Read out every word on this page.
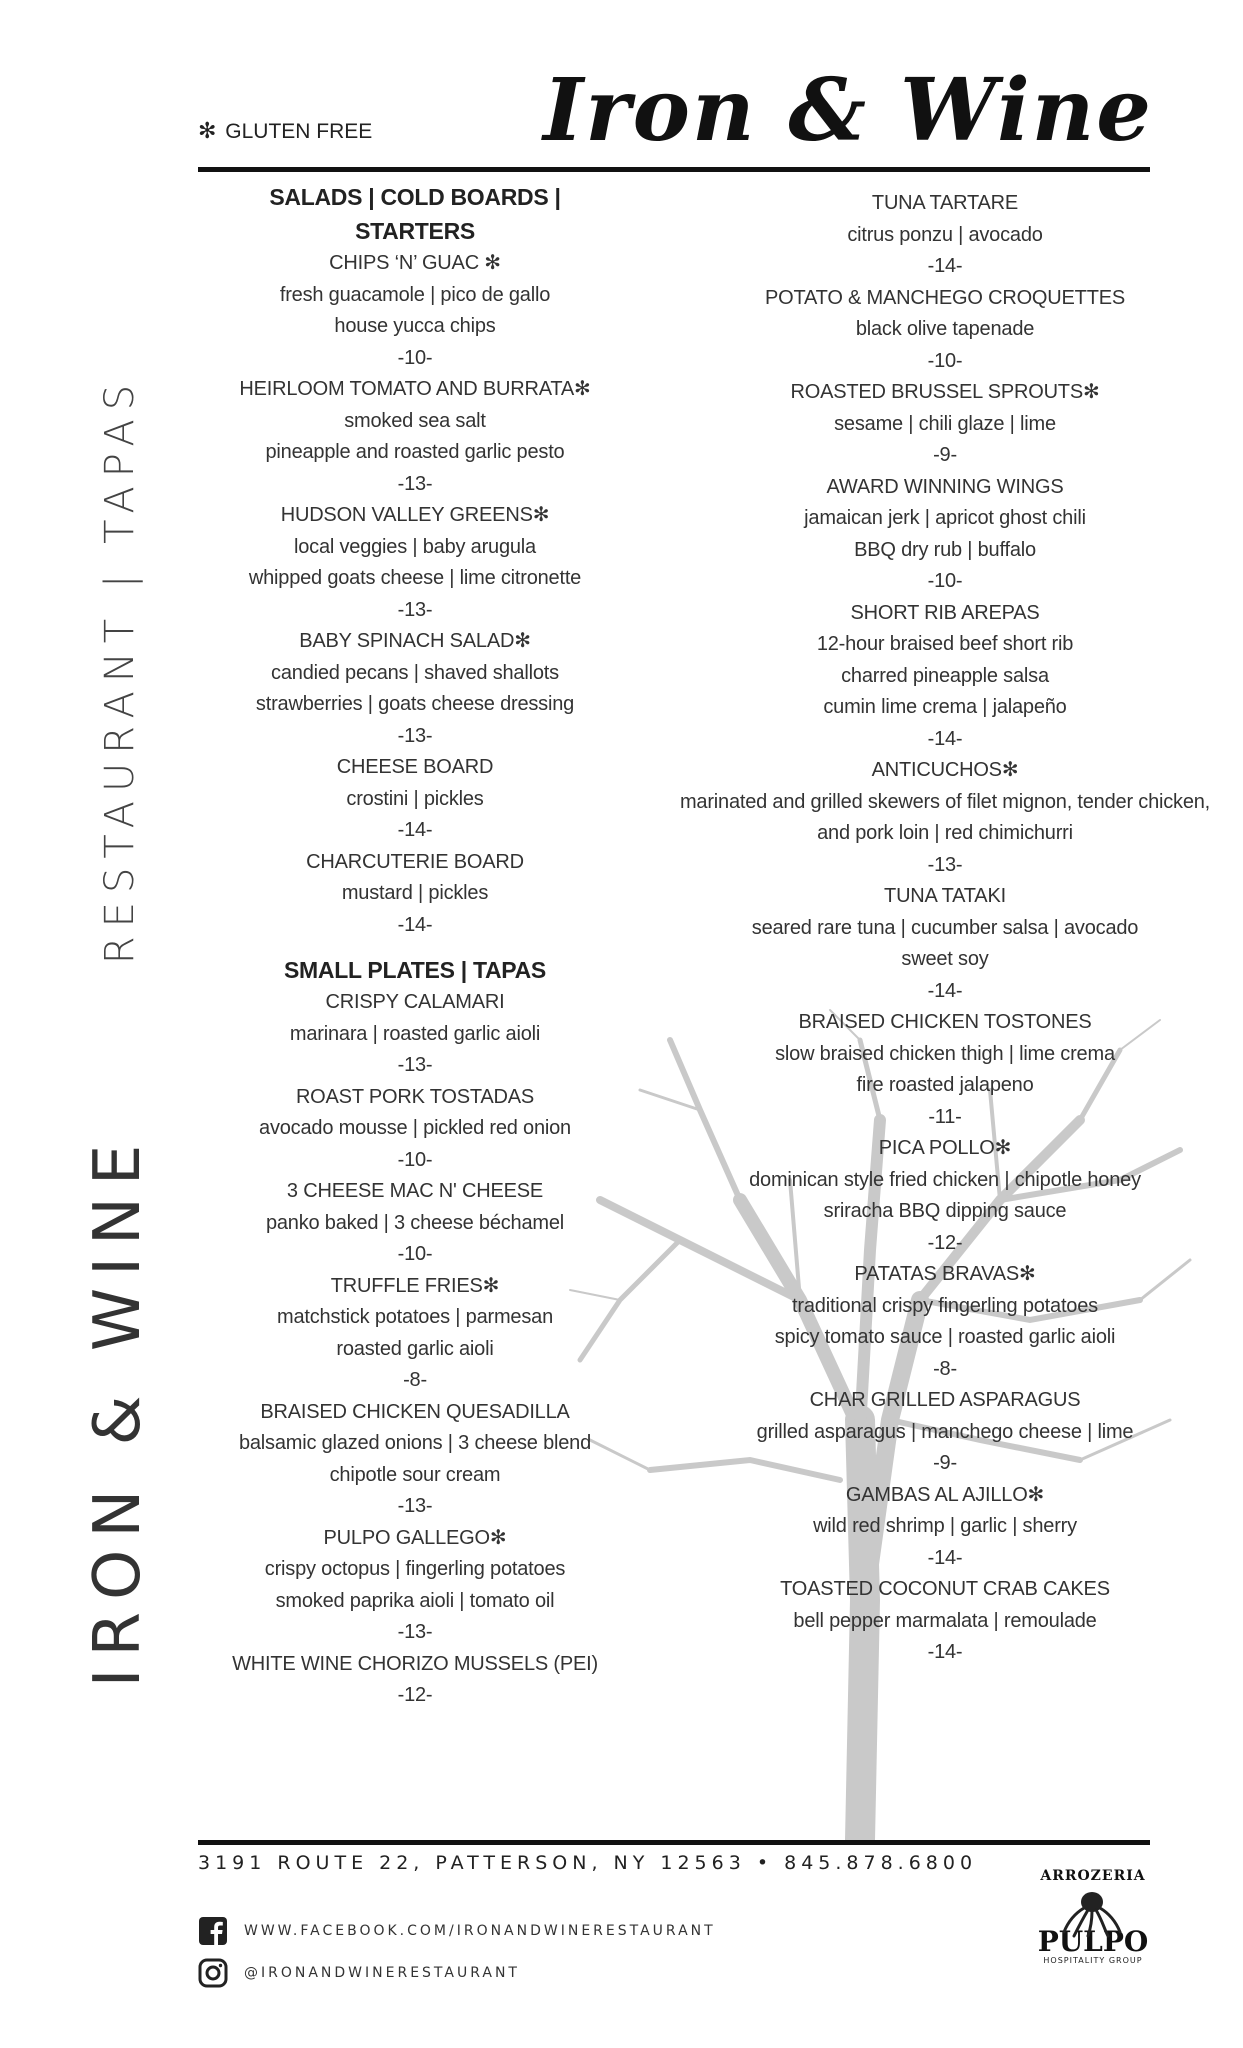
RESTAURANT | TAPAS
IRON & WINE
✻ GLUTEN FREE Iron & Wine
SALADS | COLD BOARDS | STARTERS
CHIPS ‘N’ GUAC ✻
fresh guacamole | pico de gallo
house yucca chips
-10-
HEIRLOOM TOMATO AND BURRATA✻
smoked sea salt
pineapple and roasted garlic pesto
-13-
HUDSON VALLEY GREENS✻
local veggies | baby arugula
whipped goats cheese | lime citronette
-13-
BABY SPINACH SALAD✻
candied pecans | shaved shallots
strawberries | goats cheese dressing
-13-
CHEESE BOARD
crostini | pickles
-14-
CHARCUTERIE BOARD
mustard | pickles
-14-
SMALL PLATES | TAPAS
CRISPY CALAMARI
marinara | roasted garlic aioli
-13-
ROAST PORK TOSTADAS
avocado mousse | pickled red onion
-10-
3 CHEESE MAC N' CHEESE
panko baked | 3 cheese béchamel
-10-
TRUFFLE FRIES✻
matchstick potatoes | parmesan
roasted garlic aioli
-8-
BRAISED CHICKEN QUESADILLA
balsamic glazed onions | 3 cheese blend
chipotle sour cream
-13-
PULPO GALLEGO✻
crispy octopus | fingerling potatoes
smoked paprika aioli | tomato oil
-13-
WHITE WINE CHORIZO MUSSELS (PEI)
-12-
TUNA TARTARE
citrus ponzu | avocado
-14-
POTATO & MANCHEGO CROQUETTES
black olive tapenade
-10-
ROASTED BRUSSEL SPROUTS✻
sesame | chili glaze | lime
-9-
AWARD WINNING WINGS
jamaican jerk | apricot ghost chili
BBQ dry rub | buffalo
-10-
SHORT RIB AREPAS
12-hour braised beef short rib
charred pineapple salsa
cumin lime crema | jalapeño
-14-
ANTICUCHOS✻
marinated and grilled skewers of filet mignon, tender chicken,
and pork loin | red chimichurri
-13-
TUNA TATAKI
seared rare tuna | cucumber salsa | avocado
sweet soy
-14-
BRAISED CHICKEN TOSTONES
slow braised chicken thigh | lime crema
fire roasted jalapeno
-11-
PICA POLLO✻
dominican style fried chicken | chipotle honey
sriracha BBQ dipping sauce
-12-
PATATAS BRAVAS✻
traditional crispy fingerling potatoes
spicy tomato sauce | roasted garlic aioli
-8-
CHAR GRILLED ASPARAGUS
grilled asparagus | manchego cheese | lime
-9-
GAMBAS AL AJILLO✻
wild red shrimp | garlic | sherry
-14-
TOASTED COCONUT CRAB CAKES
bell pepper marmalata | remoulade
-14-
3191 ROUTE 22, PATTERSON, NY 12563 • 845.878.6800
WWW.FACEBOOK.COM/IRONANDWINERESTAURANT
@IRONANDWINERESTAURANT
ARROZERIA
PULPO
HOSPITALITY GROUP
